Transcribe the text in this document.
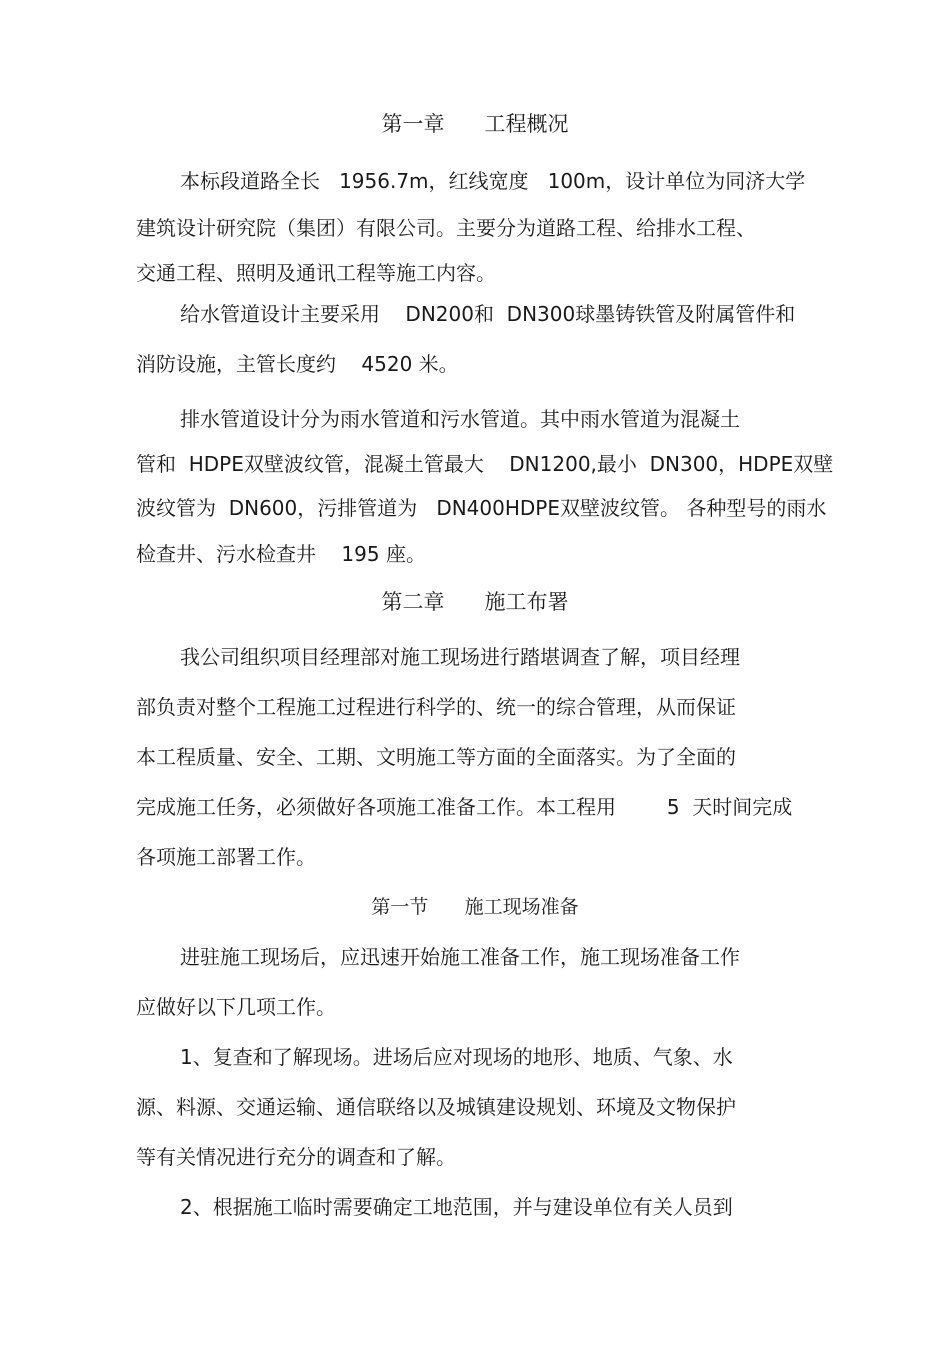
第一章      工程概况
本标段道路全长   1956.7m，红线宽度   100m，设计单位为同济大学
建筑设计研究院（集团）有限公司。主要分为道路工程、给排水工程、
交通工程、照明及通讯工程等施工内容。
给水管道设计主要采用    DN200和  DN300球墨铸铁管及附属管件和
消防设施，主管长度约    4520 米。
排水管道设计分为雨水管道和污水管道。其中雨水管道为混凝土
管和  HDPE双壁波纹管，混凝土管最大    DN1200,最小  DN300，HDPE双壁
波纹管为  DN600，污排管道为   DN400HDPE双壁波纹管。 各种型号的雨水
检查井、污水检查井    195 座。
第二章      施工布署
我公司组织项目经理部对施工现场进行踏堪调查了解，项目经理
部负责对整个工程施工过程进行科学的、统一的综合管理，从而保证
本工程质量、安全、工期、文明施工等方面的全面落实。为了全面的
完成施工任务，必须做好各项施工准备工作。本工程用        5  天时间完成
各项施工部署工作。
第一节      施工现场准备
进驻施工现场后，应迅速开始施工准备工作，施工现场准备工作
应做好以下几项工作。
1、复查和了解现场。进场后应对现场的地形、地质、气象、水
源、料源、交通运输、通信联络以及城镇建设规划、环境及文物保护
等有关情况进行充分的调查和了解。
2、根据施工临时需要确定工地范围，并与建设单位有关人员到
